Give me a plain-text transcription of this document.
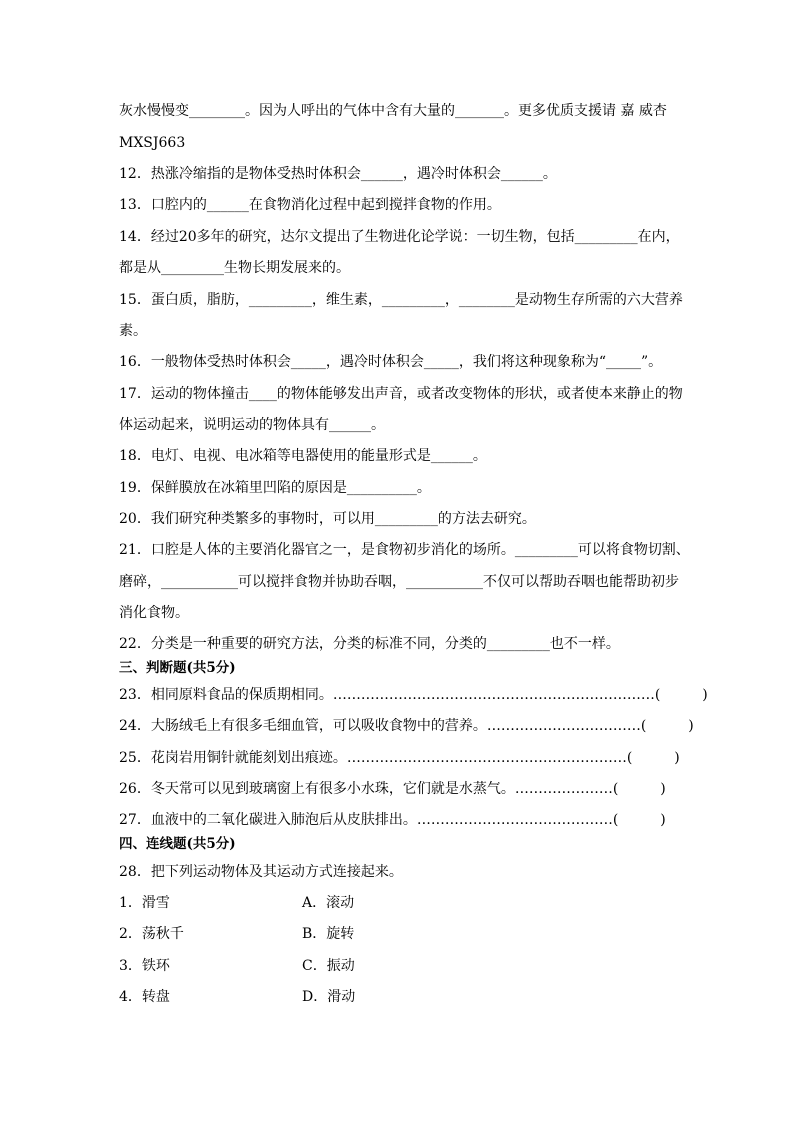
灰水慢慢变________。因为人呼出的气体中含有大量的_______。更多优质支援请 嘉 威杏
MXSJ663
12．热涨冷缩指的是物体受热时体积会______，遇冷时体积会______。
13．口腔内的______在食物消化过程中起到搅拌食物的作用。
14．经过20多年的研究，达尔文提出了生物进化论学说：一切生物，包括_________在内，
都是从_________生物长期发展来的。
15．蛋白质，脂肪，_________，维生素，_________，________是动物生存所需的六大营养
素。
16．一般物体受热时体积会_____，遇冷时体积会_____，我们将这种现象称为“_____”。
17．运动的物体撞击____的物体能够发出声音，或者改变物体的形状，或者使本来静止的物
体运动起来，说明运动的物体具有______。
18．电灯、电视、电冰箱等电器使用的能量形式是______。
19．保鲜膜放在冰箱里凹陷的原因是__________。
20．我们研究种类繁多的事物时，可以用_________的方法去研究。
21．口腔是人体的主要消化器官之一，是食物初步消化的场所。_________可以将食物切割、
磨碎，___________可以搅拌食物并协助吞咽，___________不仅可以帮助吞咽也能帮助初步
消化食物。
22．分类是一种重要的研究方法，分类的标准不同，分类的_________也不一样。
三、判断题(共5分)
23．相同原料食品的保质期相同。……………………………………………………………(　　　)
24．大肠绒毛上有很多毛细血管，可以吸收食物中的营养。……………………………(　　　)
25．花岗岩用铜针就能刻划出痕迹。……………………………………………………(　　　)
26．冬天常可以见到玻璃窗上有很多小水珠，它们就是水蒸气。…………………(　　　)
27．血液中的二氧化碳进入肺泡后从皮肤排出。……………………………………(　　　)
四、连线题(共5分)
28．把下列运动物体及其运动方式连接起来。
1．滑雪	A．滚动
2．荡秋千	B．旋转
3．铁环	C．振动
4．转盘	D．滑动
